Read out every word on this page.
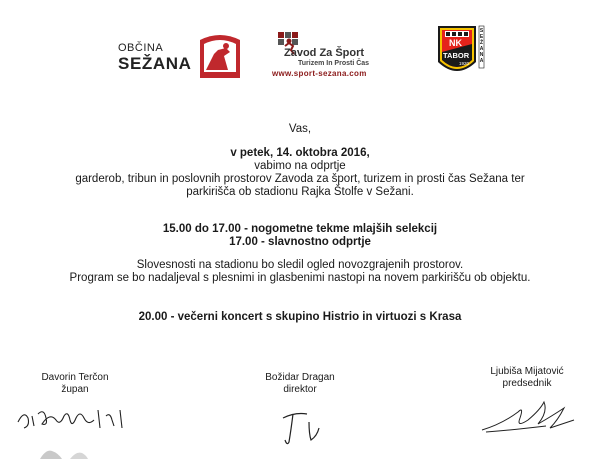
OBČINA
SEŽANA
Zavod Za Šport
Turizem In Prosti Čas
www.sport-sezana.com
NK
TABOR
1920
SEŽANA
Vas,
v petek, 14. oktobra 2016,
vabimo na odprtje
garderob, tribun in poslovnih prostorov Zavoda za šport, turizem in prosti čas Sežana ter
parkirišča ob stadionu Rajka Štolfe v Sežani.
15.00 do 17.00 - nogometne tekme mlajših selekcij
17.00 - slavnostno odprtje
Slovesnosti na stadionu bo sledil ogled novozgrajenih prostorov.
Program se bo nadaljeval s plesnimi in glasbenimi nastopi na novem parkirišču ob objektu.
20.00 - večerni koncert s skupino Histrio in virtuozi s Krasa
Davorin Terčon
župan
Božidar Dragan
direktor
Ljubiša Mijatović
predsednik
